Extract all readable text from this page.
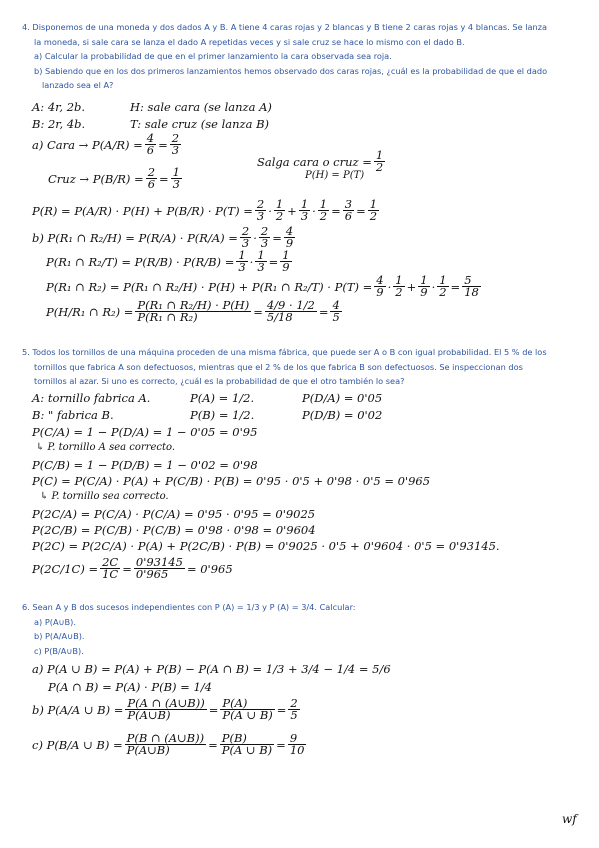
4. Disponemos de una moneda y dos dados A y B. A tiene 4 caras rojas y 2 blancas y B tiene 2 caras rojas y 4 blancas. Se lanza
la moneda, si sale cara se lanza el dado A repetidas veces y si sale cruz se hace lo mismo con el dado B.
a) Calcular la probabilidad de que en el primer lanzamiento la cara observada sea roja.
b) Sabiendo que en los dos primeros lanzamientos hemos observado dos caras rojas, ¿cuál es la probabilidad de que el dado
lanzado sea el A?
A: 4r, 2b.	H: sale cara (se lanza A)
B: 2r, 4b.	T: sale cruz (se lanza B)
a) Cara → $P(A/R) = \frac{4}{6} = \frac{2}{3}$
Salga cara o cruz = $\frac{1}{2}$
P(H) = P(T)
Cruz → $P(B/R) = \frac{2}{6} = \frac{1}{3}$
$P(R) = P(A/R) \cdot P(H) + P(B/R) \cdot P(T) = \frac{2}{3} \cdot \frac{1}{2} + \frac{1}{3} \cdot \frac{1}{2} = \frac{3}{6} = \frac{1}{2}$
b) P(R₁ ∩ $R_2/H) = P(R/A) \cdot P(R/A) = \frac{2}{3} \cdot \frac{2}{3} = \frac{4}{9}$
P(R₁ ∩ $R_2/T) = P(R/B) \cdot P(R/B) = \frac{1}{3} \cdot \frac{1}{3} = \frac{1}{9}$
P(R₁ ∩ R₂) = P(R₁ ∩ R₂/H) · P(H) + P(R₁ ∩ $R_2/T) \cdot P(T) = \frac{4}{9} \cdot \frac{1}{2} + \frac{1}{9} \cdot \frac{1}{2} = \frac{5}{18}$
P(H/R₁ ∩ $R_2) = \frac{\text{P(R₁ ∩ R₂/H) · P(H)}}{\text{P(R₁ ∩ R₂)}} = \frac{4/9 \cdot 1/2}{5/18} = \frac{4}{5}$
5. Todos los tornillos de una máquina proceden de una misma fábrica, que puede ser A o B con igual probabilidad. El 5 % de los
tornillos que fabrica A son defectuosos, mientras que el 2 % de los que fabrica B son defectuosos. Se inspeccionan dos
tornillos al azar. Si uno es correcto, ¿cuál es la probabilidad de que el otro también lo sea?
A: tornillo fabrica A.	P(A) = 1/2.	P(D/A) = 0'05
B: " fabrica B.	P(B) = 1/2.	P(D/B) = 0'02
P(C/A) = 1 − P(D/A) = 1 − 0'05 = 0'95
↳ P. tornillo A sea correcto.
P(C/B) = 1 − P(D/B) = 1 − 0'02 = 0'98
P(C) = P(C/A) · P(A) + P(C/B) · P(B) = 0'95 · 0'5 + 0'98 · 0'5 = 0'965
↳ P. tornillo sea correcto.
P(2C/A) = P(C/A) · P(C/A) = 0'95 · 0'95 = 0'9025
P(2C/B) = P(C/B) · P(C/B) = 0'98 · 0'98 = 0'9604
P(2C) = P(2C/A) · P(A) + P(2C/B) · P(B) = 0'9025 · 0'5 + 0'9604 · 0'5 = 0'93145.
$P(2C/1C) = \frac{2C}{1C} = \frac{0'93145}{0'965} = 0'965$
6. Sean A y B dos sucesos independientes con P (A) = 1/3 y P (A) = 3/4. Calcular:
a) P(A∪B).
b) P(A/A∪B).
c) P(B/A∪B).
a) P(A ∪ B) = P(A) + P(B) − P(A ∩ B) = 1/3 + 3/4 − 1/4 = 5/6
P(A ∩ B) = P(A) · P(B) = 1/4
b) P(A/A ∪ $B) = \frac{P(A \cap (A\cup B))}{P(A\cup B)} = \frac{P(A)}{P(A \cup B)} = \frac{2}{5}$
c) P(B/A ∪ $B) = \frac{P(B \cap (A\cup B))}{P(A\cup B)} = \frac{P(B)}{P(A \cup B)} = \frac{9}{10}$
wf
